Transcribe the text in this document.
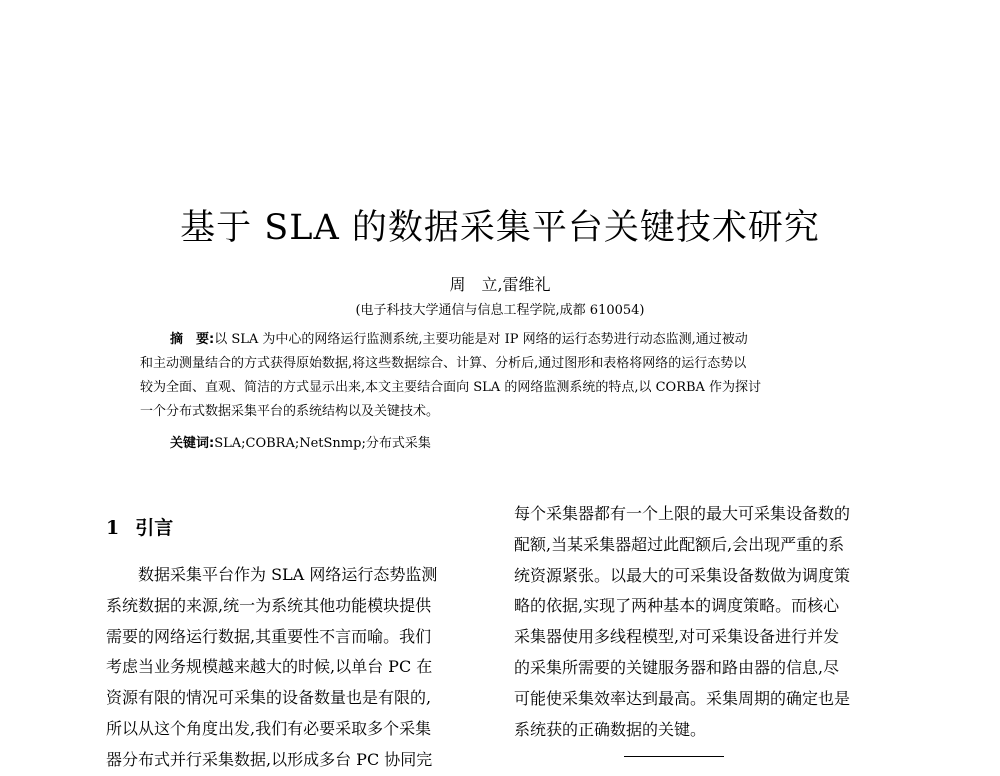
基于 SLA 的数据采集平台关键技术研究
周　立,雷维礼
(电子科技大学通信与信息工程学院,成都 610054)
摘　要:以 SLA 为中心的网络运行监测系统,主要功能是对 IP 网络的运行态势进行动态监测,通过被动
和主动测量结合的方式获得原始数据,将这些数据综合、计算、分析后,通过图形和表格将网络的运行态势以
较为全面、直观、简洁的方式显示出来,本文主要结合面向 SLA 的网络监测系统的特点,以 CORBA 作为探讨
一个分布式数据采集平台的系统结构以及关键技术。
关键词:SLA;COBRA;NetSnmp;分布式采集
1 引言
数据采集平台作为 SLA 网络运行态势监测
系统数据的来源,统一为系统其他功能模块提供
需要的网络运行数据,其重要性不言而喻。我们
考虑当业务规模越来越大的时候,以单台 PC 在
资源有限的情况可采集的设备数量也是有限的,
所以从这个角度出发,我们有必要采取多个采集
器分布式并行采集数据,以形成多台 PC 协同完
每个采集器都有一个上限的最大可采集设备数的
配额,当某采集器超过此配额后,会出现严重的系
统资源紧张。以最大的可采集设备数做为调度策
略的依据,实现了两种基本的调度策略。而核心
采集器使用多线程模型,对可采集设备进行并发
的采集所需要的关键服务器和路由器的信息,尽
可能使采集效率达到最高。采集周期的确定也是
系统获的正确数据的关键。
